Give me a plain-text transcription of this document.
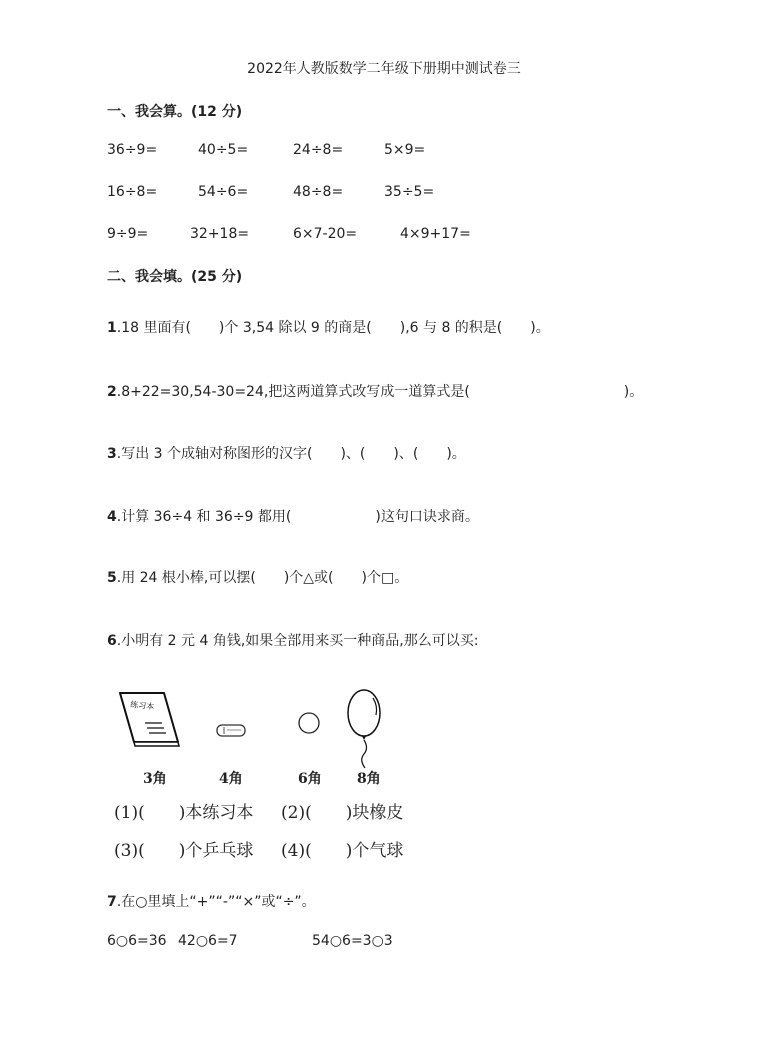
2022年人教版数学二年级下册期中测试卷三
一、我会算。(12 分)
36÷9=	40÷5=	24÷8=	5×9=
16÷8=	54÷6=	48÷8=	35÷5=
9÷9=	32+18=	6×7-20=	4×9+17=
二、我会填。(25 分)
1.18 里面有(　　)个 3,54 除以 9 的商是(　　),6 与 8 的积是(　　)。
2.8+22=30,54-30=24,把这两道算式改写成一道算式是(　　　　　　　　　　　)。
3.写出 3 个成轴对称图形的汉字(　　)、(　　)、(　　)。
4.计算 36÷4 和 36÷9 都用(　　　　　　)这句口诀求商。
5.用 24 根小棒,可以摆(　　)个△或(　　)个□。
6.小明有 2 元 4 角钱,如果全部用来买一种商品,那么可以买:
练习本
3角	4角	6角	8角
(1)(　　)本练习本 (2)(　　)块橡皮
(3)(　　)个乒乓球 (4)(　　)个气球
7.在○里填上“+”“-”“×”或“÷”。
6○6=36 42○6=7	54○6=3○3
